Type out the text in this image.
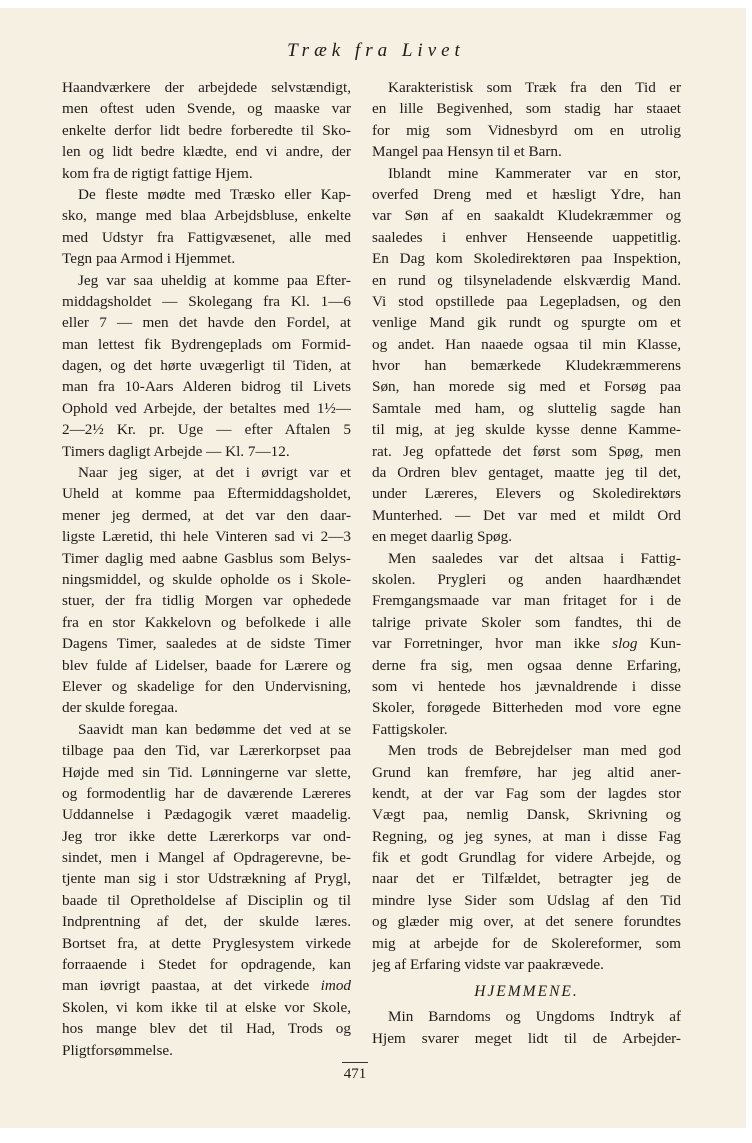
Træk fra Livet
Haandværkere der arbejdede selvstændigt,
men oftest uden Svende, og maaske var
enkelte derfor lidt bedre forberedte til Sko-
len og lidt bedre klædte, end vi andre, der
kom fra de rigtigt fattige Hjem.
De fleste mødte med Træsko eller Kap-
sko, mange med blaa Arbejdsbluse, enkelte
med Udstyr fra Fattigvæsenet, alle med
Tegn paa Armod i Hjemmet.
Jeg var saa uheldig at komme paa Efter-
middagsholdet — Skolegang fra Kl. 1—6
eller 7 — men det havde den Fordel, at
man lettest fik Bydrengeplads om Formid-
dagen, og det hørte uvægerligt til Tiden, at
man fra 10-Aars Alderen bidrog til Livets
Ophold ved Arbejde, der betaltes med 1½—
2—2½ Kr. pr. Uge — efter Aftalen 5
Timers dagligt Arbejde — Kl. 7—12.
Naar jeg siger, at det i øvrigt var et
Uheld at komme paa Eftermiddagsholdet,
mener jeg dermed, at det var den daar-
ligste Læretid, thi hele Vinteren sad vi 2—3
Timer daglig med aabne Gasblus som Belys-
ningsmiddel, og skulde opholde os i Skole-
stuer, der fra tidlig Morgen var ophedede
fra en stor Kakkelovn og befolkede i alle
Dagens Timer, saaledes at de sidste Timer
blev fulde af Lidelser, baade for Lærere og
Elever og skadelige for den Undervisning,
der skulde foregaa.
Saavidt man kan bedømme det ved at se
tilbage paa den Tid, var Lærerkorpset paa
Højde med sin Tid. Lønningerne var slette,
og formodentlig har de daværende Læreres
Uddannelse i Pædagogik været maadelig.
Jeg tror ikke dette Lærerkorps var ond-
sindet, men i Mangel af Opdragerevne, be-
tjente man sig i stor Udstrækning af Prygl,
baade til Opretholdelse af Disciplin og til
Indprentning af det, der skulde læres.
Bortset fra, at dette Pryglesystem virkede
forraaende i Stedet for opdragende, kan
man iøvrigt paastaa, at det virkede imod
Skolen, vi kom ikke til at elske vor Skole,
hos mange blev det til Had, Trods og
Pligtforsømmelse.
Karakteristisk som Træk fra den Tid er
en lille Begivenhed, som stadig har staaet
for mig som Vidnesbyrd om en utrolig
Mangel paa Hensyn til et Barn.
Iblandt mine Kammerater var en stor,
overfed Dreng med et hæsligt Ydre, han
var Søn af en saakaldt Kludekræmmer og
saaledes i enhver Henseende uappetitlig.
En Dag kom Skoledirektøren paa Inspektion,
en rund og tilsyneladende elskværdig Mand.
Vi stod opstillede paa Legepladsen, og den
venlige Mand gik rundt og spurgte om et
og andet. Han naaede ogsaa til min Klasse,
hvor han bemærkede Kludekræmmerens
Søn, han morede sig med et Forsøg paa
Samtale med ham, og sluttelig sagde han
til mig, at jeg skulde kysse denne Kamme-
rat. Jeg opfattede det først som Spøg, men
da Ordren blev gentaget, maatte jeg til det,
under Læreres, Elevers og Skoledirektørs
Munterhed. — Det var med et mildt Ord
en meget daarlig Spøg.
Men saaledes var det altsaa i Fattig-
skolen. Prygleri og anden haardhændet
Fremgangsmaade var man fritaget for i de
talrige private Skoler som fandtes, thi de
var Forretninger, hvor man ikke slog Kun-
derne fra sig, men ogsaa denne Erfaring,
som vi hentede hos jævnaldrende i disse
Skoler, forøgede Bitterheden mod vore egne
Fattigskoler.
Men trods de Bebrejdelser man med god
Grund kan fremføre, har jeg altid aner-
kendt, at der var Fag som der lagdes stor
Vægt paa, nemlig Dansk, Skrivning og
Regning, og jeg synes, at man i disse Fag
fik et godt Grundlag for videre Arbejde, og
naar det er Tilfældet, betragter jeg de
mindre lyse Sider som Udslag af den Tid
og glæder mig over, at det senere forundtes
mig at arbejde for de Skolereformer, som
jeg af Erfaring vidste var paakrævede.
HJEMMENE.
Min Barndoms og Ungdoms Indtryk af
Hjem svarer meget lidt til de Arbejder-
471
